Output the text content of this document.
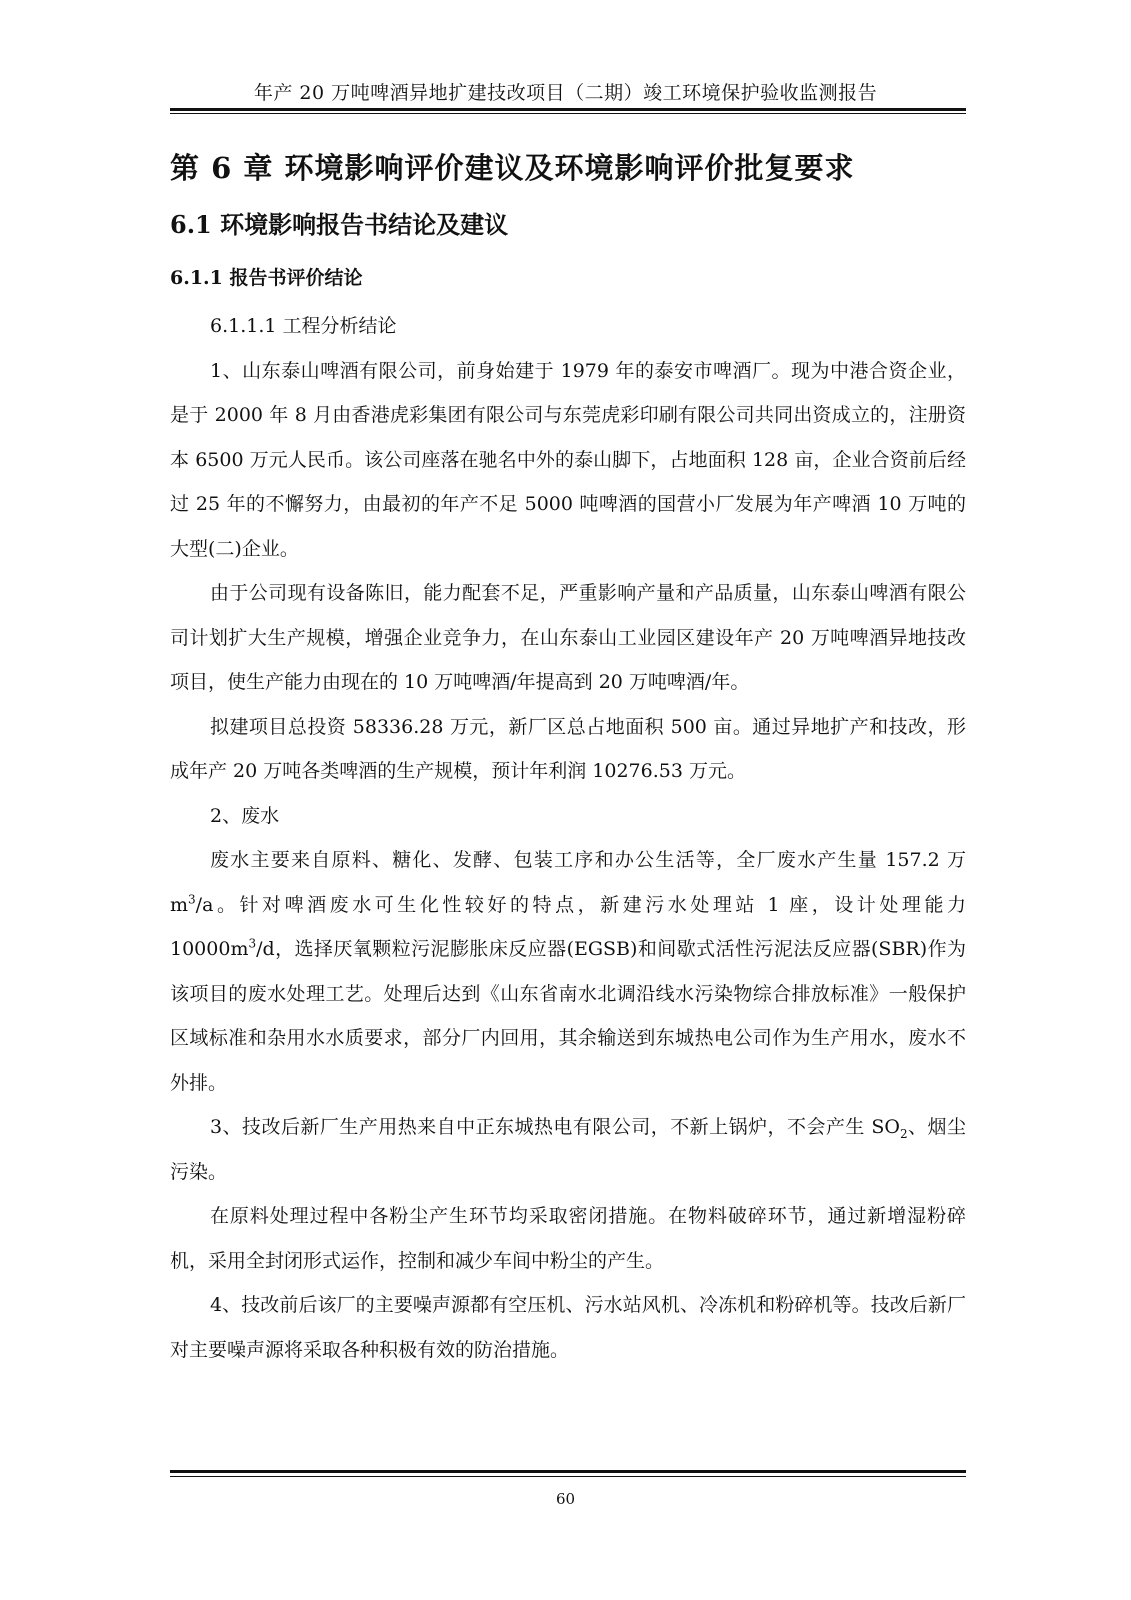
年产 20 万吨啤酒异地扩建技改项目（二期）竣工环境保护验收监测报告
第 6 章 环境影响评价建议及环境影响评价批复要求
6.1 环境影响报告书结论及建议
6.1.1 报告书评价结论

6.1.1.1 工程分析结论

1、山东泰山啤酒有限公司，前身始建于 1979 年的泰安市啤酒厂。现为中港合资企业，是于 2000 年 8 月由香港虎彩集团有限公司与东莞虎彩印刷有限公司共同出资成立的，注册资本 6500 万元人民币。该公司座落在驰名中外的泰山脚下，占地面积 128 亩，企业合资前后经过 25 年的不懈努力，由最初的年产不足 5000 吨啤酒的国营小厂发展为年产啤酒 10 万吨的大型(二)企业。

由于公司现有设备陈旧，能力配套不足，严重影响产量和产品质量，山东泰山啤酒有限公司计划扩大生产规模，增强企业竞争力，在山东泰山工业园区建设年产 20 万吨啤酒异地技改项目，使生产能力由现在的 10 万吨啤酒/年提高到 20 万吨啤酒/年。

拟建项目总投资 58336.28 万元，新厂区总占地面积 500 亩。通过异地扩产和技改，形成年产 20 万吨各类啤酒的生产规模，预计年利润 10276.53 万元。

2、废水

废水主要来自原料、糖化、发酵、包装工序和办公生活等，全厂废水产生量 157.2 万 $m^3/a$。针对啤酒废水可生化性较好的特点，新建污水处理站 1 座，设计处理能力 $10000m^3/d$，选择厌氧颗粒污泥膨胀床反应器(EGSB)和间歇式活性污泥法反应器(SBR)作为该项目的废水处理工艺。处理后达到《山东省南水北调沿线水污染物综合排放标准》一般保护区域标准和杂用水水质要求，部分厂内回用，其余输送到东城热电公司作为生产用水，废水不外排。

3、技改后新厂生产用热来自中正东城热电有限公司，不新上锅炉，不会产生 $SO_2$、烟尘污染。

在原料处理过程中各粉尘产生环节均采取密闭措施。在物料破碎环节，通过新增湿粉碎机，采用全封闭形式运作，控制和减少车间中粉尘的产生。

4、技改前后该厂的主要噪声源都有空压机、污水站风机、冷冻机和粉碎机等。技改后新厂对主要噪声源将采取各种积极有效的防治措施。

60
